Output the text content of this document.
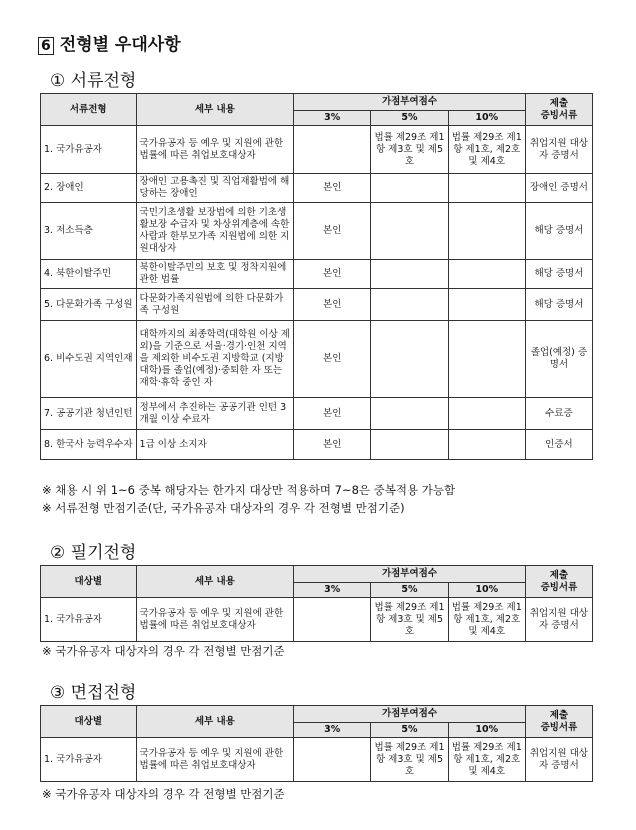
6 전형별 우대사항
① 서류전형
서류전형	세부 내용	가점부여점수			제출
증빙서류
		3%	5%	10%	
1. 국가유공자	국가유공자 등 예우 및 지원에 관한 법률에 따른 취업보호대상자		법률 제29조 제1항 제3호 및 제5호	법률 제29조 제1항 제1호, 제2호 및 제4호	취업지원 대상자 증명서
2. 장애인	장애인 고용촉진 및 직업재활법에 해당하는 장애인	본인			장애인 증명서
3. 저소득층	국민기초생활 보장법에 의한 기초생활보장 수급자 및 차상위계층에 속한 사람과 한부모가족 지원법에 의한 지원대상자	본인			해당 증명서
4. 북한이탈주민	북한이탈주민의 보호 및 정착지원에 관한 법률	본인			해당 증명서
5. 다문화가족 구성원	다문화가족지원법에 의한 다문화가족 구성원	본인			해당 증명서
6. 비수도권 지역인재	대학까지의 최종학력(대학원 이상 제외)을 기준으로 서울·경기·인천 지역을 제외한 비수도권 지방학교 (지방대학)를 졸업(예정)·중퇴한 자 또는 재학·휴학 중인 자	본인			졸업(예정) 증명서
7. 공공기관 청년인턴	정부에서 추진하는 공공기관 인턴 3개월 이상 수료자	본인			수료증
8. 한국사 능력우수자	1급 이상 소지자	본인			인증서
※ 채용 시 위 1~6 중복 해당자는 한가지 대상만 적용하며 7~8은 중복적용 가능함
※ 서류전형 만점기준(단, 국가유공자 대상자의 경우 각 전형별 만점기준)
② 필기전형
대상별	세부 내용	가점부여점수			제출
증빙서류
		3%	5%	10%	
1. 국가유공자	국가유공자 등 예우 및 지원에 관한 법률에 따른 취업보호대상자		법률 제29조 제1항 제3호 및 제5호	법률 제29조 제1항 제1호, 제2호 및 제4호	취업지원 대상자 증명서
※ 국가유공자 대상자의 경우 각 전형별 만점기준
③ 면접전형
대상별	세부 내용	가점부여점수			제출
증빙서류
		3%	5%	10%	
1. 국가유공자	국가유공자 등 예우 및 지원에 관한 법률에 따른 취업보호대상자		법률 제29조 제1항 제3호 및 제5호	법률 제29조 제1항 제1호, 제2호 및 제4호	취업지원 대상자 증명서
※ 국가유공자 대상자의 경우 각 전형별 만점기준
